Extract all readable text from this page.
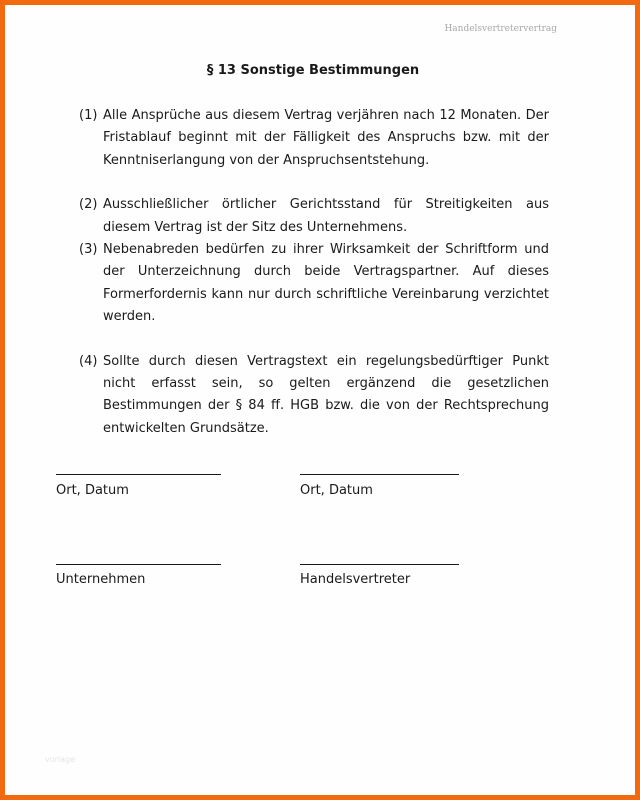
Handelsvertretervertrag
§ 13 Sonstige Bestimmungen
(1) Alle Ansprüche aus diesem Vertrag verjähren nach 12 Monaten. Der Fristablauf beginnt mit der Fälligkeit des Anspruchs bzw. mit der Kenntniserlangung von der Anspruchsentstehung.
(2) Ausschließlicher örtlicher Gerichtsstand für Streitigkeiten aus diesem Vertrag ist der Sitz des Unternehmens.
(3) Nebenabreden bedürfen zu ihrer Wirksamkeit der Schriftform und der Unterzeichnung durch beide Vertragspartner. Auf dieses Formerfordernis kann nur durch schriftliche Vereinbarung verzichtet werden.
(4) Sollte durch diesen Vertragstext ein regelungsbedürftiger Punkt nicht erfasst sein, so gelten ergänzend die gesetzlichen Bestimmungen der § 84 ff. HGB bzw. die von der Rechtsprechung entwickelten Grundsätze.
Ort, Datum	Ort, Datum
Unternehmen	Handelsvertreter
vorlage
